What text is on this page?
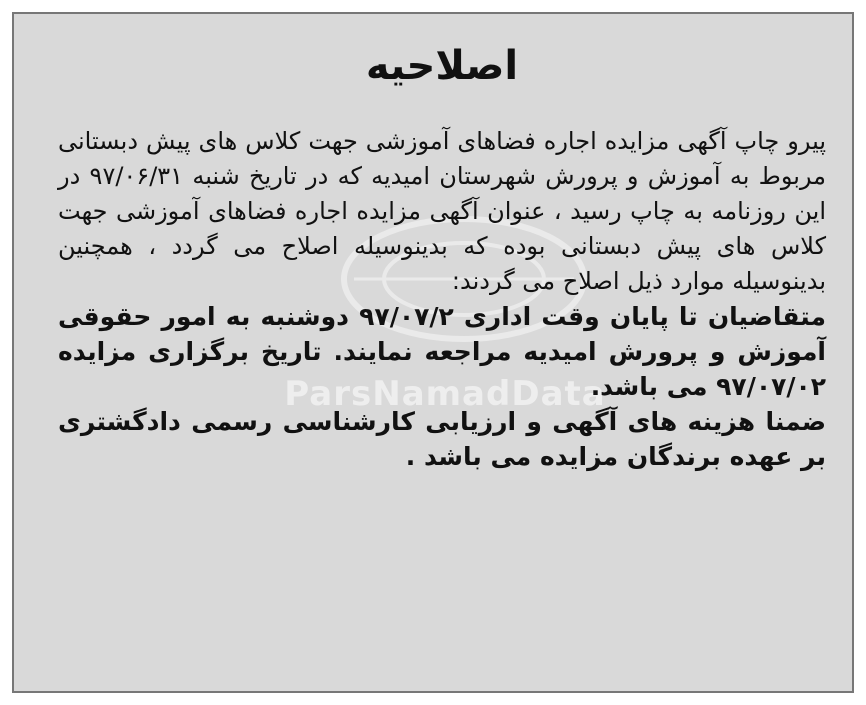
ParsNamadData
اصلاحیه

پیرو چاپ آگهی مزایده اجاره فضاهای آموزشی جهت کلاس های پیش دبستانی مربوط به آموزش و پرورش شهرستان امیدیه که در تاریخ شنبه ۹۷/۰۶/۳۱ در این روزنامه به چاپ رسید ، عنوان آگهی مزایده اجاره فضاهای آموزشی جهت کلاس های پیش دبستانی بوده که بدینوسیله اصلاح می گردد ، همچنین بدینوسیله موارد ذیل اصلاح می گردند:

متقاضیان تا پایان وقت اداری ۹۷/۰۷/۲ دوشنبه به امور حقوقی آموزش و پرورش امیدیه مراجعه نمایند. تاریخ برگزاری مزایده ۹۷/۰۷/۰۲ می باشد.

ضمنا هزینه های آگهی و ارزیابی کارشناسی رسمی دادگشتری بر عهده برندگان مزایده می باشد .
